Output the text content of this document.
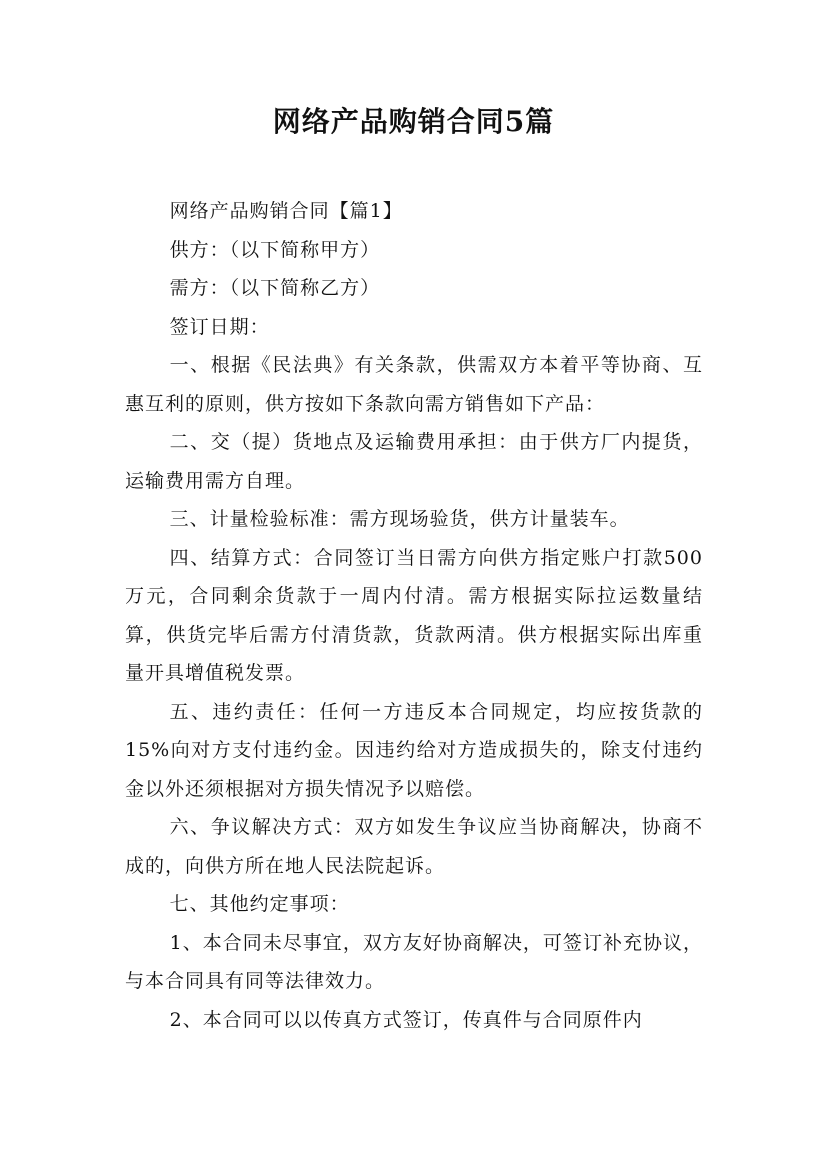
网络产品购销合同5篇

网络产品购销合同【篇1】

供方：（以下简称甲方）

需方：（以下简称乙方）

签订日期：

一、根据《民法典》有关条款，供需双方本着平等协商、互惠互利的原则，供方按如下条款向需方销售如下产品：

二、交（提）货地点及运输费用承担：由于供方厂内提货，运输费用需方自理。

三、计量检验标准：需方现场验货，供方计量装车。

四、结算方式：合同签订当日需方向供方指定账户打款500万元，合同剩余货款于一周内付清。需方根据实际拉运数量结算，供货完毕后需方付清货款，货款两清。供方根据实际出库重量开具增值税发票。

五、违约责任：任何一方违反本合同规定，均应按货款的15%向对方支付违约金。因违约给对方造成损失的，除支付违约金以外还须根据对方损失情况予以赔偿。

六、争议解决方式：双方如发生争议应当协商解决，协商不成的，向供方所在地人民法院起诉。

七、其他约定事项：

1、本合同未尽事宜，双方友好协商解决，可签订补充协议，与本合同具有同等法律效力。

2、本合同可以以传真方式签订，传真件与合同原件内
